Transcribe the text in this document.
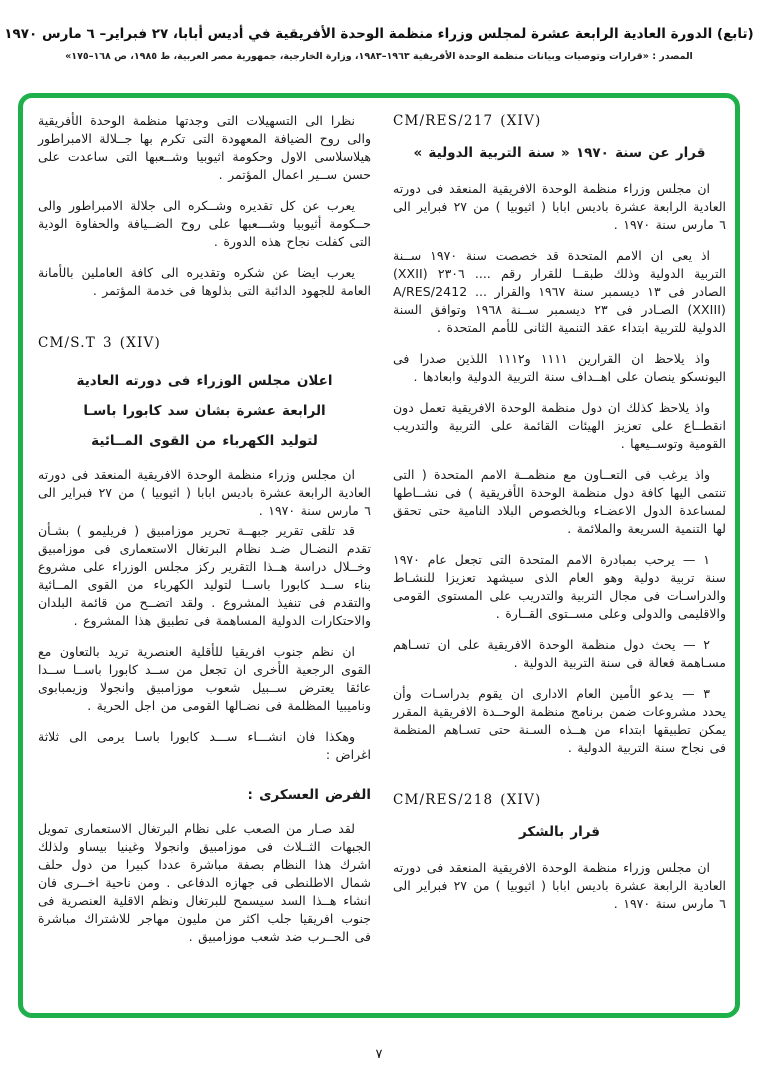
(تابع) الدورة العادية الرابعة عشرة لمجلس وزراء منظمة الوحدة الأفريقية في أديس أبابا، ٢٧ فبراير– ٦ مارس ١٩٧٠
المصدر : «قرارات وتوصيات وبيانات منظمة الوحدة الأفريقية ١٩٦٣–١٩٨٣، وزارة الخارجية، جمهورية مصر العربية، ط ١٩٨٥، ص ١٦٨–١٧٥»

نظرا الى التسهيلات التى وجدتها منظمة الوحدة الأفريقية والى روح الضيافة المعهودة التى تكرم بها جــلالة الامبراطور هيلاسلاسى الاول وحكومة اثيوبيا وشــعبها التى ساعدت على حسن ســير اعمال المؤتمر .

يعرب عن كل تقديره وشــكره الى جلالة الامبراطور والى حــكومة أثيوبيا وشـــعبها على روح الضــيافة والحفاوة الودية التى كفلت نجاح هذه الدورة .

يعرب ايضا عن شكره وتقديره الى كافة العاملين بالأمانة العامة للجهود الدائبة التى بذلوها فى خدمة المؤتمر .

CM/S.T 3 (XIV)
اعلان مجلس الوزراء فى دورته العادية
الرابعة عشرة بشان سد كابورا باسـا
لتوليد الكهرباء من القوى المــائية

ان مجلس وزراء منظمة الوحدة الافريقية المنعقد فى دورته العادية الرابعة عشرة باديس ابابا ( اثيوبيا ) من ٢٧ فبراير الى ٦ مارس سنة ١٩٧٠ .

قد تلقى تقرير جبهــة تحرير موزامبيق ( فريليمو ) بشـأن تقدم النضـال ضـد نظام البرتغال الاستعمارى فى موزامبيق وخــلال دراسة هــذا التقرير ركز مجلس الوزراء على مشروع بناء ســد كابورا باســا لتوليد الكهرباء من القوى المــائية والتقدم فى تنفيذ المشروع . ولقد اتضــح من قائمة البلدان والاحتكارات الدولية المساهمة فى تطبيق هذا المشروع .

ان نظم جنوب افريقيا للأقلية العنصرية تريد بالتعاون مع القوى الرجعية الأخرى ان تجعل من ســد كابورا باســا ســدا عائقا يعترض ســبيل شعوب موزامبيق وانجولا وزيمبابوى وناميبيا المظلمة فى نضـالها القومى من اجل الحرية .

وهكذا فان انشـــاء ســـد كابورا باسـا يرمى الى ثلاثة اغراض :

الفرض العسكرى :

لقد صـار من الصعب على نظام البرتغال الاستعمارى تمويل الجبهات الثــلاث فى موزامبيق وانجولا وغينيا بيساو ولذلك اشرك هذا النظام بصفة مباشرة عددا كبيرا من دول حلف شمال الاطلنطى فى جهازه الدفاعى . ومن ناحية اخــرى فان انشاء هــذا السد سيسمح للبرتغال ونظم الاقلية العنصرية فى جنوب افريقيا جلب اكثر من مليون مهاجر للاشتراك مباشرة فى الحــرب ضد شعب موزامبيق .

CM/RES/217 (XIV)
قرار عن سنة ١٩٧٠ « سنة التربية الدولية »

ان مجلس وزراء منظمة الوحدة الافريقية المنعقد فى دورته العادية الرابعة عشرة باديس ابابا ( اثيوبيا ) من ٢٧ فبراير الى ٦ مارس سنة ١٩٧٠ .

اذ يعى ان الامم المتحدة قد خصصت سنة ١٩٧٠ ســنة التربية الدولية وذلك طبقــا للقرار رقم .... ‏٢٣٠٦ (XXII) الصادر فى ١٣ ديسمبر سنة ١٩٦٧ والقرار ... ‏A/RES/2412 (XXIII) الصـادر فى ٢٣ ديسمبر ســنة ١٩٦٨ وتوافق السنة الدولية للتربية ابتداء عقد التنمية الثانى للأمم المتحدة .

واذ يلاحظ ان القرارين ١١١١ و١١١٢ اللذين صدرا فى اليونسكو ينصان على اهــداف سنة التربية الدولية وابعادها .

واذ يلاحظ كذلك ان دول منظمة الوحدة الافريقية تعمل دون انقطــاع على تعزيز الهيئات القائمة على التربية والتدريب القومية وتوســيعها .

واذ يرغب فى التعــاون مع منظمــة الامم المتحدة ( التى تنتمى اليها كافة دول منظمة الوحدة الأفريقية ) فى نشــاطها لمساعدة الدول الاعضـاء وبالخصوص البلاد النامية حتى تحقق لها التنمية السريعة والملائمة .

١ — يرحب بمبادرة الامم المتحدة التى تجعل عام ١٩٧٠ سنة تربية دولية وهو العام الذى سيشهد تعزيزا للنشـاط والدراسـات فى مجال التربية والتدريب على المستوى القومى والاقليمى والدولى وعلى مســتوى القــارة .

٢ — يحث دول منظمة الوحدة الافريقية على ان تسـاهم مسـاهمة فعالة فى سنة التربية الدولية .

٣ — يدعو الأمين العام الادارى ان يقوم بدراسـات وأن يحدد مشروعات ضمن برنامج منظمة الوحــدة الافريقية المقرر يمكن تطبيقها ابتداء من هــذه السـنة حتى تسـاهم المنظمة فى نجاح سنة التربية الدولية .

CM/RES/218 (XIV)
قرار بالشكر

ان مجلس وزراء منظمة الوحدة الافريقية المنعقد فى دورته العادية الرابعة عشرة باديس ابابا ( اثيوبيا ) من ٢٧ فبراير الى ٦ مارس سنة ١٩٧٠ .

٧
